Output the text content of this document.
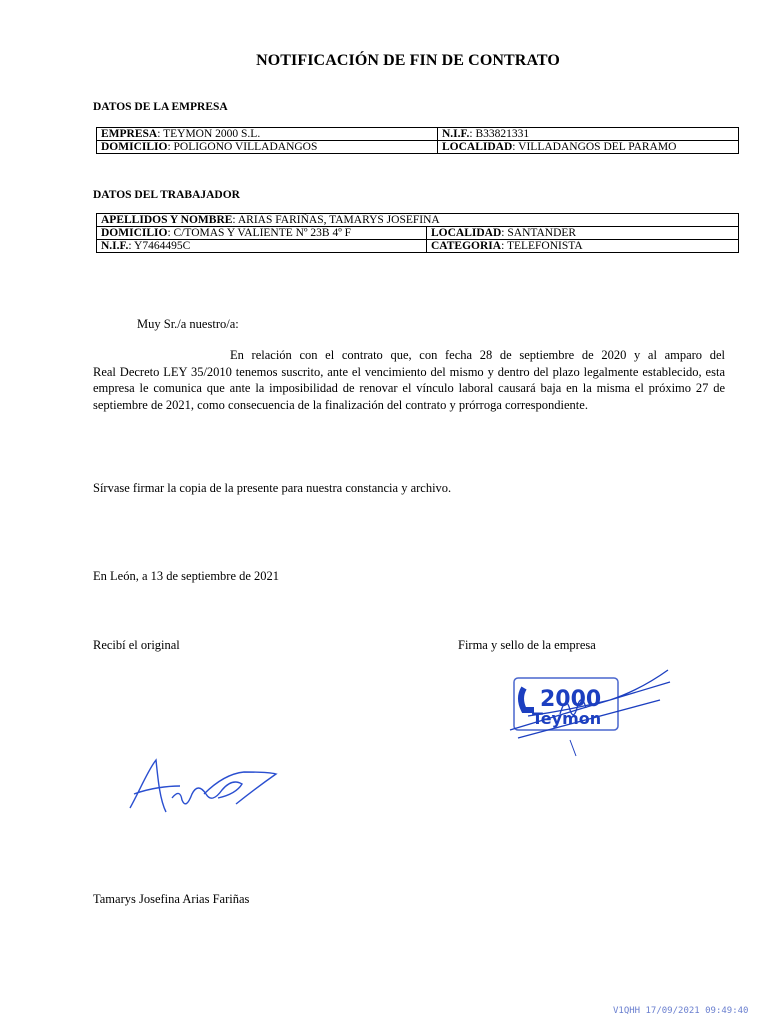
NOTIFICACIÓN DE FIN DE CONTRATO
DATOS DE LA EMPRESA
EMPRESA: TEYMON 2000 S.L.	N.I.F.: B33821331
DOMICILIO: POLIGONO VILLADANGOS	LOCALIDAD: VILLADANGOS DEL PARAMO
DATOS DEL TRABAJADOR
APELLIDOS Y NOMBRE: ARIAS FARIÑAS, TAMARYS JOSEFINA	
DOMICILIO: C/TOMAS Y VALIENTE Nº 23B 4º F	LOCALIDAD: SANTANDER
N.I.F.: Y7464495C	CATEGORIA: TELEFONISTA
Muy Sr./a nuestro/a:
En relación con el contrato que, con fecha 28 de septiembre de 2020 y al amparo del
Real Decreto LEY 35/2010 tenemos suscrito, ante el vencimiento del mismo y dentro del plazo legalmente establecido, esta empresa le comunica que ante la imposibilidad de renovar el vínculo laboral causará baja en la misma el próximo 27 de septiembre de 2021, como consecuencia de la finalización del contrato y prórroga correspondiente.
Sírvase firmar la copia de la presente para nuestra constancia y archivo.
En León, a 13 de septiembre de 2021
Recibí el original	Firma y sello de la empresa
2000
Teymon
Tamarys Josefina Arias Fariñas
V1QHH 17/09/2021 09:49:40
